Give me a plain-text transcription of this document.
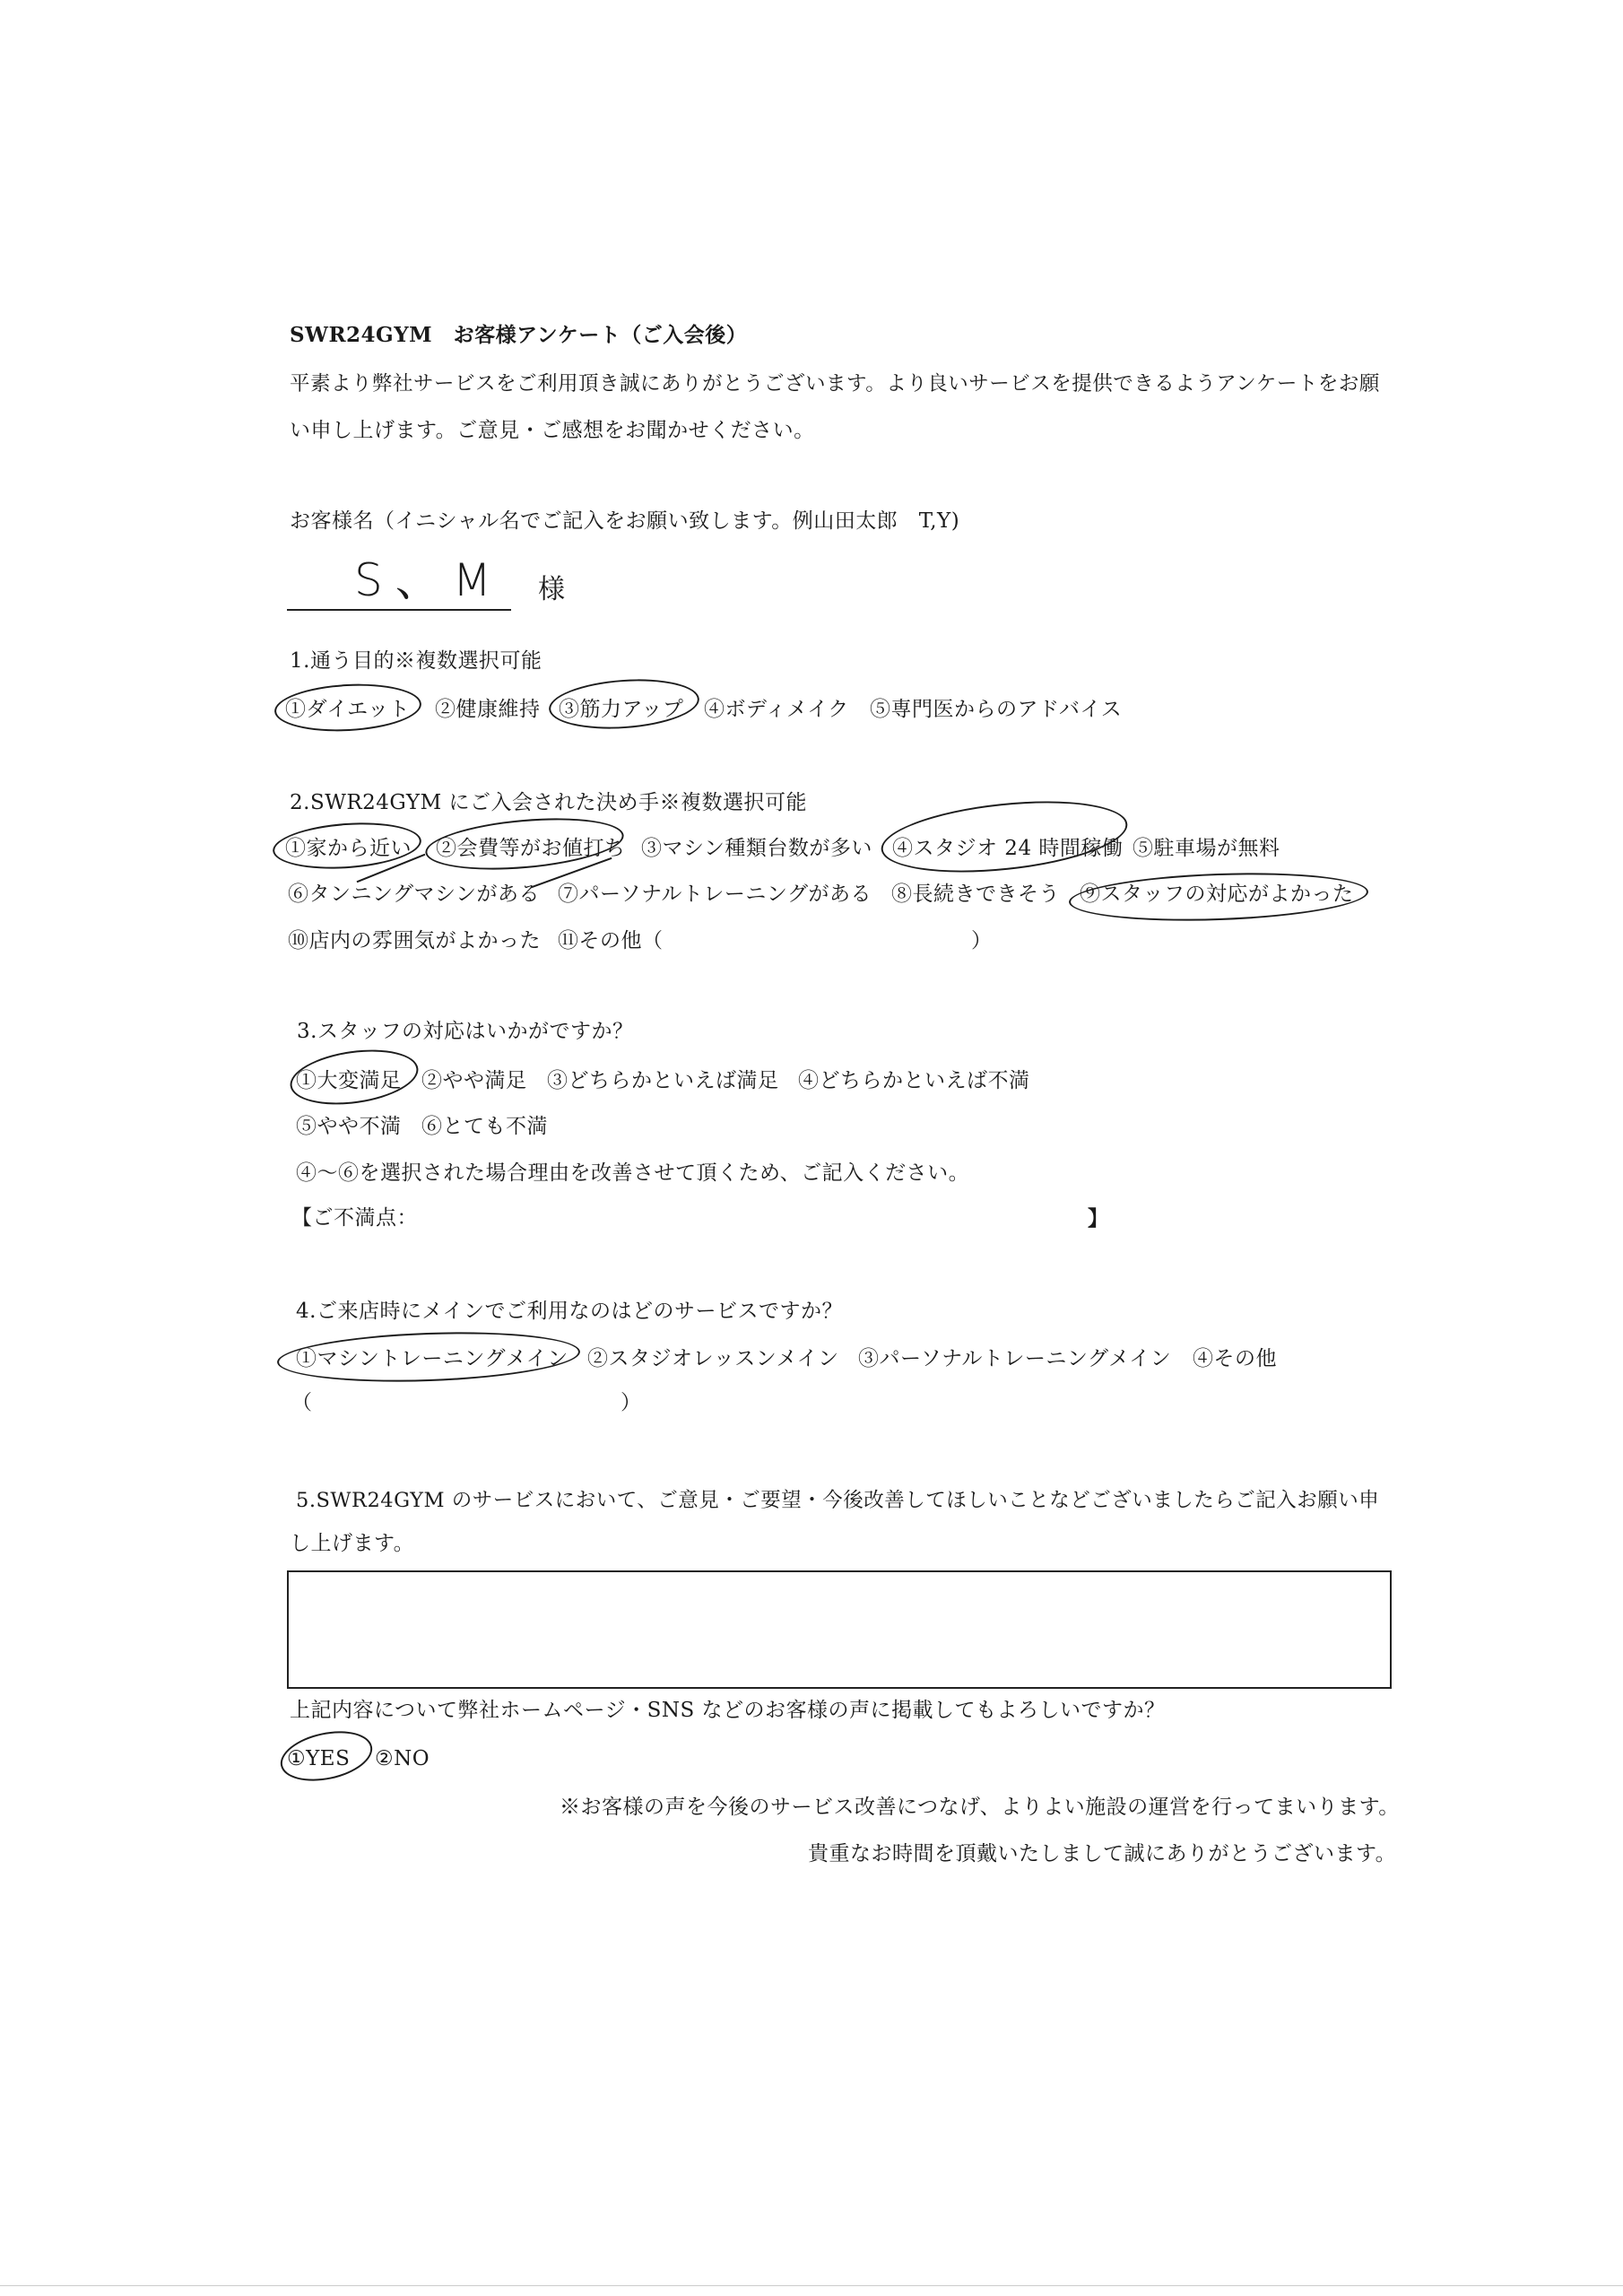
SWR24GYM　お客様アンケート（ご入会後）
平素より弊社サービスをご利用頂き誠にありがとうございます。より良いサービスを提供できるようアンケートをお願
い申し上げます。ご意見・ご感想をお聞かせください。
お客様名（イニシャル名でご記入をお願い致します。例山田太郎　T,Y)
S、M 様
1.通う目的※複数選択可能
①ダイエット ②健康維持 ③筋力アップ ④ボディメイク ⑤専門医からのアドバイス
2.SWR24GYM にご入会された決め手※複数選択可能
①家から近い ②会費等がお値打ち ③マシン種類台数が多い ④スタジオ 24 時間稼働 ⑤駐車場が無料
⑥タンニングマシンがある ⑦パーソナルトレーニングがある ⑧長続きできそう ⑨スタッフの対応がよかった
⑩店内の雰囲気がよかった ⑪その他（	）
3.スタッフの対応はいかがですか？
①大変満足 ②やや満足 ③どちらかといえば満足 ④どちらかといえば不満
⑤やや不満 ⑥とても不満
④～⑥を選択された場合理由を改善させて頂くため、ご記入ください。
【ご不満点：	】
4.ご来店時にメインでご利用なのはどのサービスですか？
①マシントレーニングメイン ②スタジオレッスンメイン ③パーソナルトレーニングメイン ④その他
（	）
5.SWR24GYM のサービスにおいて、ご意見・ご要望・今後改善してほしいことなどございましたらご記入お願い申
し上げます。
上記内容について弊社ホームページ・SNS などのお客様の声に掲載してもよろしいですか？
①YES ②NO
※お客様の声を今後のサービス改善につなげ、よりよい施設の運営を行ってまいります。
貴重なお時間を頂戴いたしまして誠にありがとうございます。
